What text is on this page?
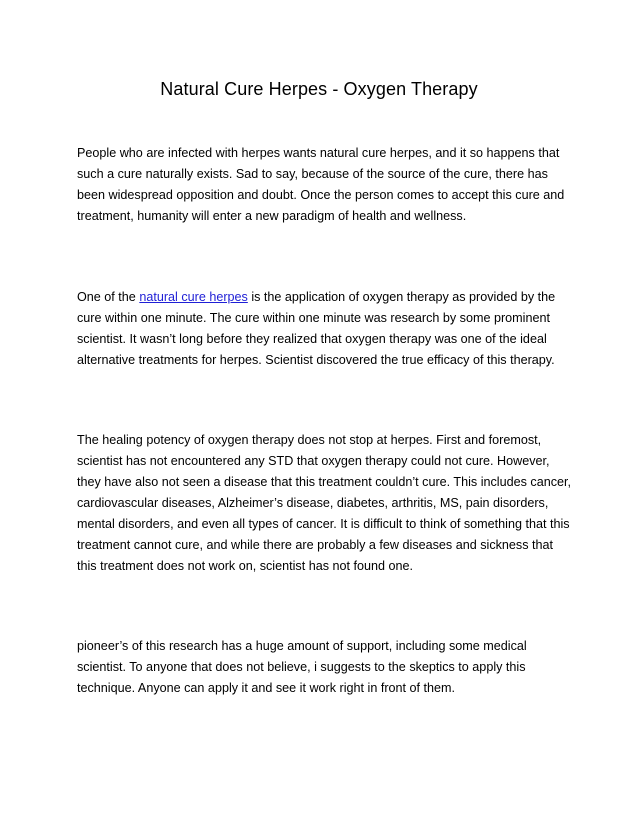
Natural Cure Herpes - Oxygen Therapy

People who are infected with herpes wants natural cure herpes, and it so happens that such a cure naturally exists. Sad to say, because of the source of the cure, there has been widespread opposition and doubt. Once the person comes to accept this cure and treatment, humanity will enter a new paradigm of health and wellness.

One of the natural cure herpes is the application of oxygen therapy as provided by the cure within one minute. The cure within one minute was research by some prominent scientist. It wasn’t long before they realized that oxygen therapy was one of the ideal alternative treatments for herpes. Scientist discovered the true efficacy of this therapy.

The healing potency of oxygen therapy does not stop at herpes. First and foremost, scientist has not encountered any STD that oxygen therapy could not cure. However, they have also not seen a disease that this treatment couldn’t cure. This includes cancer, cardiovascular diseases, Alzheimer’s disease, diabetes, arthritis, MS, pain disorders, mental disorders, and even all types of cancer. It is difficult to think of something that this treatment cannot cure, and while there are probably a few diseases and sickness that this treatment does not work on, scientist has not found one.

pioneer’s of this research has a huge amount of support, including some medical scientist. To anyone that does not believe, i suggests to the skeptics to apply this technique. Anyone can apply it and see it work right in front of them.
